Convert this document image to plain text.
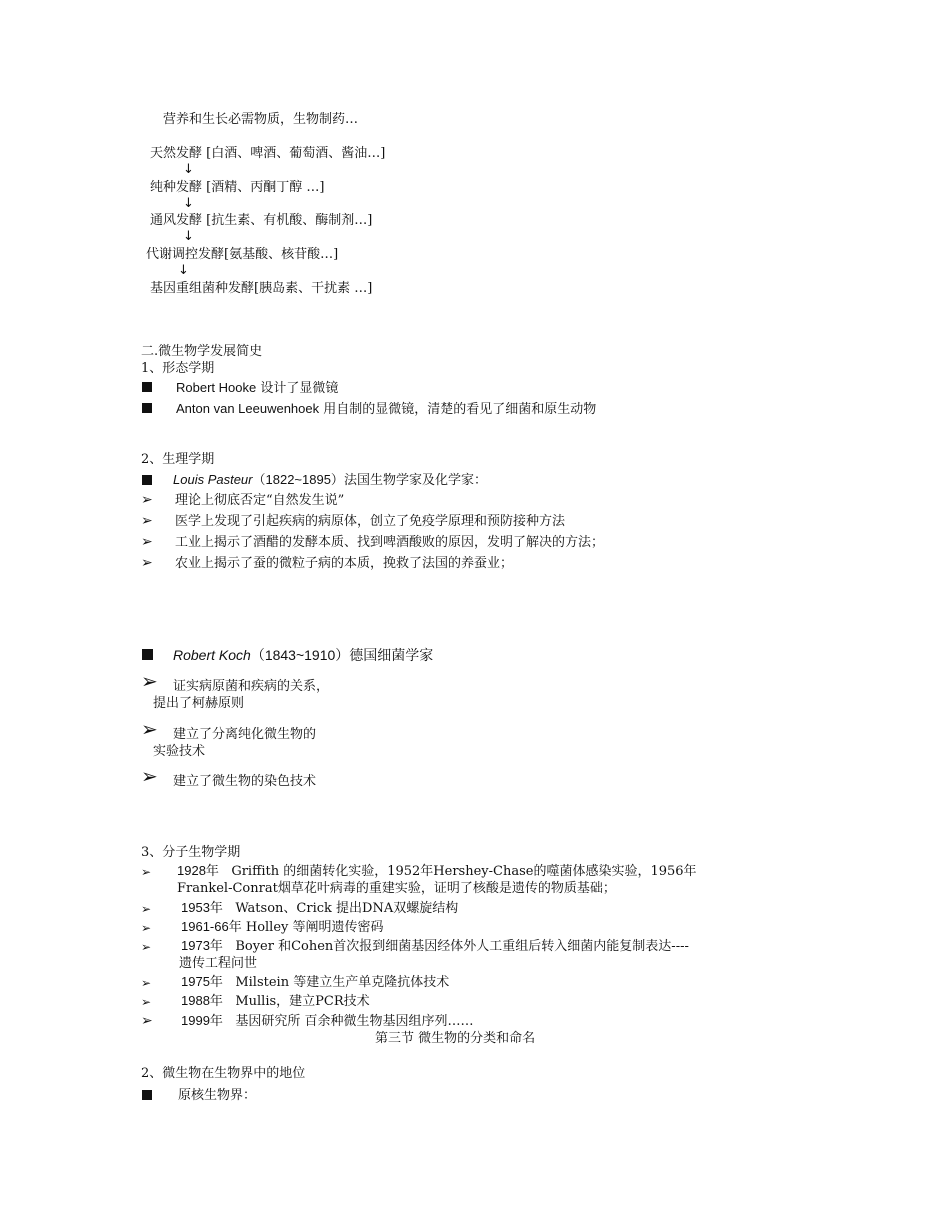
营养和生长必需物质，生物制药…
天然发酵 [白酒、啤酒、葡萄酒、酱油…]
↓
纯种发酵 [酒精、丙酮丁醇 …]
↓
通风发酵 [抗生素、有机酸、酶制剂…]
↓
代谢调控发酵[氨基酸、核苷酸…]
↓
基因重组菌种发酵[胰岛素、干扰素 …]
二.微生物学发展简史
1、形态学期
Robert Hooke 设计了显微镜
Anton van Leeuwenhoek 用自制的显微镜，清楚的看见了细菌和原生动物
2、生理学期
Louis Pasteur（1822~1895）法国生物学家及化学家：
➢ 理论上彻底否定“自然发生说”
➢ 医学上发现了引起疾病的病原体，创立了免疫学原理和预防接种方法
➢ 工业上揭示了酒醋的发酵本质、找到啤酒酸败的原因，发明了解决的方法；
➢ 农业上揭示了蚕的微粒子病的本质，挽救了法国的养蚕业；
Robert Koch（1843~1910）德国细菌学家
➢ 证实病原菌和疾病的关系，
提出了柯赫原则
➢ 建立了分离纯化微生物的
实验技术
➢ 建立了微生物的染色技术
3、分子生物学期
➢ 1928年 Griffith 的细菌转化实验，1952年Hershey-Chase的噬菌体感染实验，1956年
Frankel-Conrat烟草花叶病毒的重建实验，证明了核酸是遗传的物质基础；
➢ 1953年 Watson、Crick 提出DNA双螺旋结构
➢ 1961-66年 Holley 等阐明遗传密码
➢ 1973年 Boyer 和Cohen首次报到细菌基因经体外人工重组后转入细菌内能复制表达----
遗传工程问世
➢ 1975年 Milstein 等建立生产单克隆抗体技术
➢ 1988年 Mullis，建立PCR技术
➢ 1999年 基因研究所 百余种微生物基因组序列……
第三节 微生物的分类和命名
2、微生物在生物界中的地位
原核生物界：
